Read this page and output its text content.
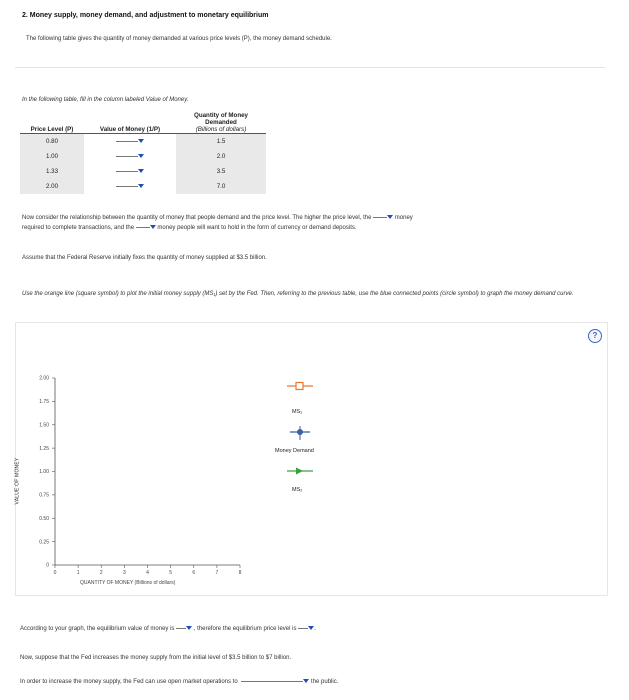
2. Money supply, money demand, and adjustment to monetary equilibrium
The following table gives the quantity of money demanded at various price levels (P), the money demand schedule.
In the following table, fill in the column labeled Value of Money.
		Quantity of Money Demanded
Price Level (P)	Value of Money (1/P)	(Billions of dollars)
0.80		1.5
1.00		2.0
1.33		3.5
2.00		7.0
Now consider the relationship between the quantity of money that people demand and the price level. The higher the price level, the	money
required to complete transactions, and the	money people will want to hold in the form of currency or demand deposits.
Assume that the Federal Reserve initially fixes the quantity of money supplied at $3.5 billion.
Use the orange line (square symbol) to plot the initial money supply (MS₁) set by the Fed. Then, referring to the previous table, use the blue connected points (circle symbol) to graph the money demand curve.
?
2.00
1.75
1.50
1.25
1.00
0.75
0.50
0.25
0
0	1	2	3	4	5	6	7	8
VALUE OF MONEY
QUANTITY OF MONEY (Billions of dollars)
MS₁
Money Demand
MS₂
According to your graph, the equilibrium value of money is	, therefore the equilibrium price level is	.
Now, suppose that the Fed increases the money supply from the initial level of $3.5 billion to $7 billion.
In order to increase the money supply, the Fed can use open market operations to	the public.
